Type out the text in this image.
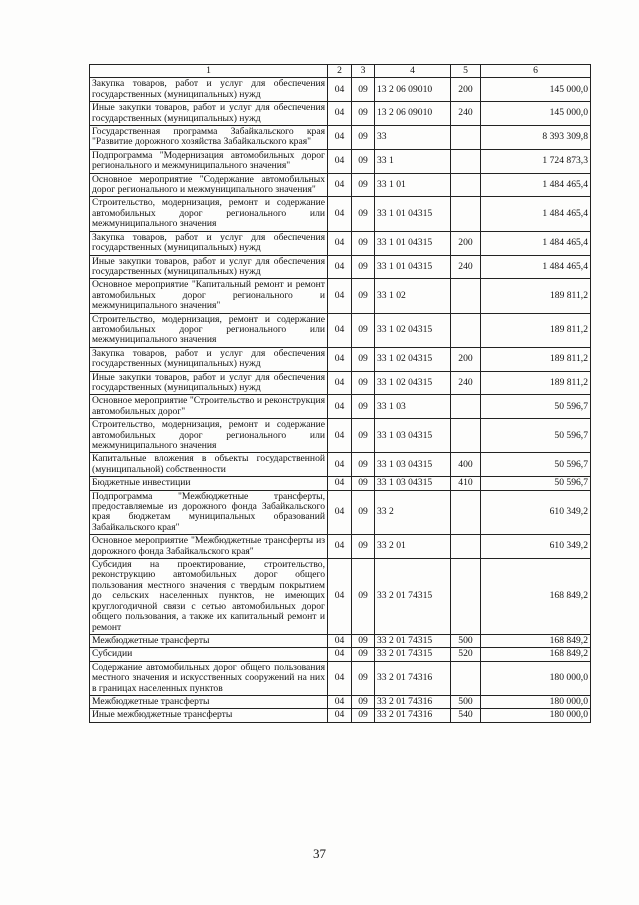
1	2	3	4	5	6
Закупка товаров, работ и услуг для обеспечения государственных (муниципальных) нужд	04	09	13 2 06 09010	200	145 000,0
Иные закупки товаров, работ и услуг для обеспечения государственных (муниципальных) нужд	04	09	13 2 06 09010	240	145 000,0
Государственная программа Забайкальского края "Развитие дорожного хозяйства Забайкальского края"	04	09	33		8 393 309,8
Подпрограмма "Модернизация автомобильных дорог регионального и межмуниципального значения"	04	09	33 1		1 724 873,3
Основное мероприятие "Содержание автомобильных дорог регионального и межмуниципального значения"	04	09	33 1 01		1 484 465,4
Строительство, модернизация, ремонт и содержание автомобильных дорог регионального или межмуниципального значения	04	09	33 1 01 04315		1 484 465,4
Закупка товаров, работ и услуг для обеспечения государственных (муниципальных) нужд	04	09	33 1 01 04315	200	1 484 465,4
Иные закупки товаров, работ и услуг для обеспечения государственных (муниципальных) нужд	04	09	33 1 01 04315	240	1 484 465,4
Основное мероприятие "Капитальный ремонт и ремонт автомобильных дорог регионального и межмуниципального значения"	04	09	33 1 02		189 811,2
Строительство, модернизация, ремонт и содержание автомобильных дорог регионального или межмуниципального значения	04	09	33 1 02 04315		189 811,2
Закупка товаров, работ и услуг для обеспечения государственных (муниципальных) нужд	04	09	33 1 02 04315	200	189 811,2
Иные закупки товаров, работ и услуг для обеспечения государственных (муниципальных) нужд	04	09	33 1 02 04315	240	189 811,2
Основное мероприятие "Строительство и реконструкция автомобильных дорог"	04	09	33 1 03		50 596,7
Строительство, модернизация, ремонт и содержание автомобильных дорог регионального или межмуниципального значения	04	09	33 1 03 04315		50 596,7
Капитальные вложения в объекты государственной (муниципальной) собственности	04	09	33 1 03 04315	400	50 596,7
Бюджетные инвестиции	04	09	33 1 03 04315	410	50 596,7
Подпрограмма "Межбюджетные трансферты, предоставляемые из дорожного фонда Забайкальского края бюджетам муниципальных образований Забайкальского края"	04	09	33 2		610 349,2
Основное мероприятие "Межбюджетные трансферты из дорожного фонда Забайкальского края"	04	09	33 2 01		610 349,2
Субсидия на проектирование, строительство, реконструкцию автомобильных дорог общего пользования местного значения с твердым покрытием до сельских населенных пунктов, не имеющих круглогодичной связи с сетью автомобильных дорог общего пользования, а также их капитальный ремонт и ремонт	04	09	33 2 01 74315		168 849,2
Межбюджетные трансферты	04	09	33 2 01 74315	500	168 849,2
Субсидии	04	09	33 2 01 74315	520	168 849,2
Содержание автомобильных дорог общего пользования местного значения и искусственных сооружений на них в границах населенных пунктов	04	09	33 2 01 74316		180 000,0
Межбюджетные трансферты	04	09	33 2 01 74316	500	180 000,0
Иные межбюджетные трансферты	04	09	33 2 01 74316	540	180 000,0
37
